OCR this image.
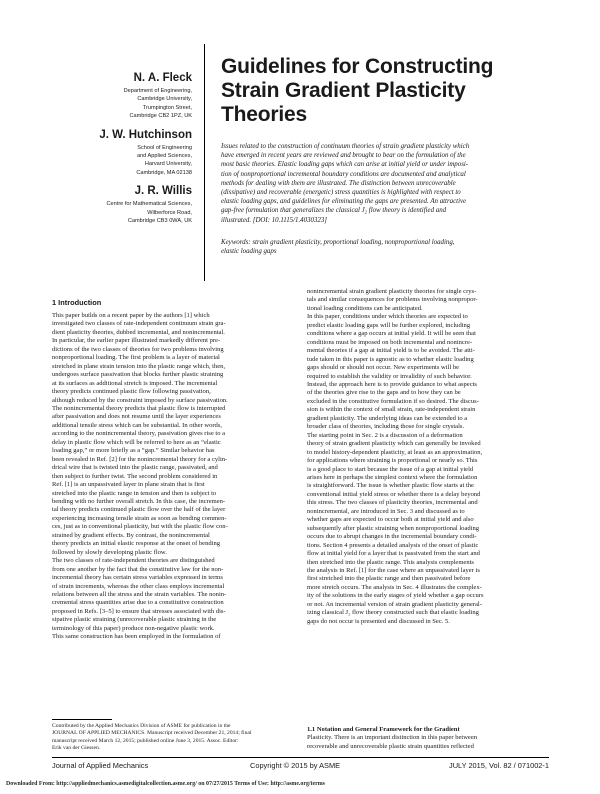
N. A. Fleck
Department of Engineering,
Cambridge University,
Trumpington Street,
Cambridge CB2 1PZ, UK
J. W. Hutchinson
School of Engineering
and Applied Sciences,
Harvard University,
Cambridge, MA 02138
J. R. Willis
Centre for Mathematical Sciences,
Wilberforce Road,
Cambridge CB3 0WA, UK
Guidelines for Constructing
Strain Gradient Plasticity
Theories
Issues related to the construction of continuum theories of strain gradient plasticity which
have emerged in recent years are reviewed and brought to bear on the formulation of the
most basic theories. Elastic loading gaps which can arise at initial yield or under imposi-
tion of nonproportional incremental boundary conditions are documented and analytical
methods for dealing with them are illustrated. The distinction between unrecoverable
(dissipative) and recoverable (energetic) stress quantities is highlighted with respect to
elastic loading gaps, and guidelines for eliminating the gaps are presented. An attractive
gap-free formulation that generalizes the classical J₂ flow theory is identified and
illustrated. [DOI: 10.1115/1.4030323]
Keywords: strain gradient plasticity, proportional loading, nonproportional loading,
elastic loading gaps
1 Introduction
This paper builds on a recent paper by the authors [1] which
investigated two classes of rate-independent continuum strain gra-
dient plasticity theories, dubbed incremental, and nonincremental.
In particular, the earlier paper illustrated markedly different pre-
dictions of the two classes of theories for two problems involving
nonproportional loading. The first problem is a layer of material
stretched in plane strain tension into the plastic range which, then,
undergoes surface passivation that blocks further plastic straining
at its surfaces as additional stretch is imposed. The incremental
theory predicts continued plastic flow following passivation,
although reduced by the constraint imposed by surface passivation.
The nonincremental theory predicts that plastic flow is interrupted
after passivation and does not resume until the layer experiences
additional tensile stress which can be substantial. In other words,
according to the nonincremental theory, passivation gives rise to a
delay in plastic flow which will be referred to here as an “elastic
loading gap,” or more briefly as a “gap.” Similar behavior has
been revealed in Ref. [2] for the nonincremental theory for a cylin-
drical wire that is twisted into the plastic range, passivated, and
then subject to further twist. The second problem considered in
Ref. [1] is an unpassivated layer in plane strain that is first
stretched into the plastic range in tension and then is subject to
bending with no further overall stretch. In this case, the incremen-
tal theory predicts continued plastic flow over the half of the layer
experiencing increasing tensile strain as soon as bending commen-
ces, just as in conventional plasticity, but with the plastic flow con-
strained by gradient effects. By contrast, the nonincremental
theory predicts an initial elastic response at the onset of bending
followed by slowly developing plastic flow.
The two classes of rate-independent theories are distinguished
from one another by the fact that the constitutive law for the non-
incremental theory has certain stress variables expressed in terms
of strain increments, whereas the other class employs incremental
relations between all the stress and the strain variables. The nonin-
cremental stress quantities arise due to a constitutive construction
proposed in Refs. [3–5] to ensure that stresses associated with dis-
sipative plastic straining (unrecoverable plastic straining in the
terminology of this paper) produce non-negative plastic work.
This same construction has been employed in the formulation of
nonincremental strain gradient plasticity theories for single crys-
tals and similar consequences for problems involving nonpropor-
tional loading conditions can be anticipated.
In this paper, conditions under which theories are expected to
predict elastic loading gaps will be further explored, including
conditions where a gap occurs at initial yield. It will be seen that
conditions must be imposed on both incremental and nonincre-
mental theories if a gap at initial yield is to be avoided. The atti-
tude taken in this paper is agnostic as to whether elastic loading
gaps should or should not occur. New experiments will be
required to establish the validity or invalidity of such behavior.
Instead, the approach here is to provide guidance to what aspects
of the theories give rise to the gaps and to how they can be
excluded in the constitutive formulation if so desired. The discus-
sion is within the context of small strain, rate-independent strain
gradient plasticity. The underlying ideas can be extended to a
broader class of theories, including those for single crystals.
The starting point in Sec. 2 is a discussion of a deformation
theory of strain gradient plasticity which can generally be invoked
to model history-dependent plasticity, at least as an approximation,
for applications where straining is proportional or nearly so. This
is a good place to start because the issue of a gap at initial yield
arises here in perhaps the simplest context where the formulation
is straightforward. The issue is whether plastic flow starts at the
conventional initial yield stress or whether there is a delay beyond
this stress. The two classes of plasticity theories, incremental and
nonincremental, are introduced in Sec. 3 and discussed as to
whether gaps are expected to occur both at initial yield and also
subsequently after plastic straining when nonproportional loading
occurs due to abrupt changes in the incremental boundary condi-
tions. Section 4 presents a detailed analysis of the onset of plastic
flow at initial yield for a layer that is passivated from the start and
then stretched into the plastic range. This analysis complements
the analysis in Ref. [1] for the case where an unpassivated layer is
first stretched into the plastic range and then passivated before
more stretch occurs. The analysis in Sec. 4 illustrates the complex-
ity of the solutions in the early stages of yield whether a gap occurs
or not. An incremental version of strain gradient plasticity general-
izing classical J₂ flow theory constructed such that elastic loading
gaps do not occur is presented and discussed in Sec. 5.
Contributed by the Applied Mechanics Division of ASME for publication in the
JOURNAL OF APPLIED MECHANICS. Manuscript received December 21, 2014; final
manuscript received March 12, 2015; published online June 3, 2015. Assoc. Editor:
Erik van der Giessen.
1.1 Notation and General Framework for the Gradient
Plasticity. There is an important distinction in this paper between
recoverable and unrecoverable plastic strain quantities reflected
Journal of Applied Mechanics	Copyright © 2015 by ASME	JULY 2015, Vol. 82 / 071002-1
Downloaded From: http://appliedmechanics.asmedigitalcollection.asme.org/ on 07/27/2015 Terms of Use: http://asme.org/terms
